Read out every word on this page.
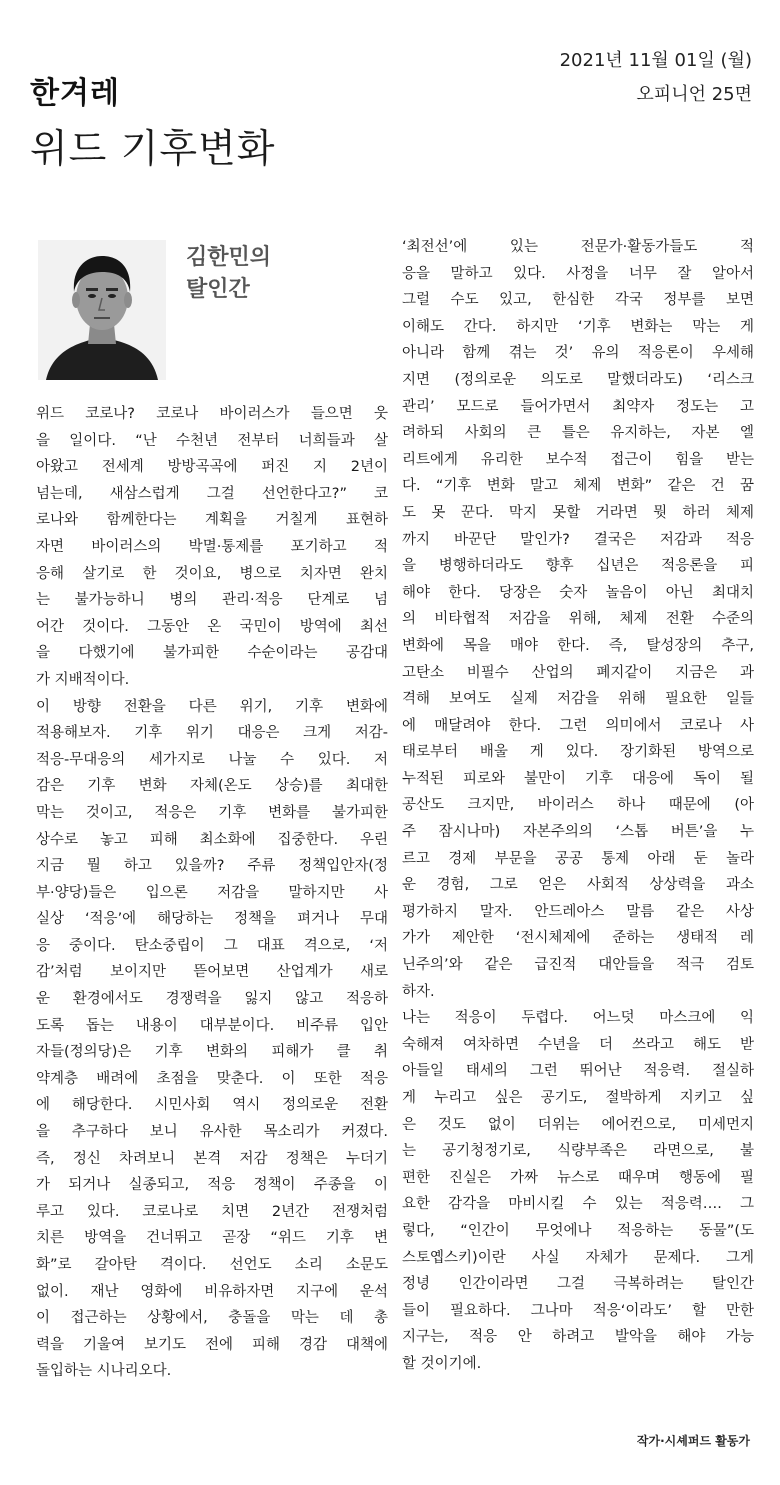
한겨레
2021년 11월 01일 (월)
오피니언 25면
위드 기후변화
김한민의
탈인간
위드 코로나? 코로나 바이러스가 들으면 웃
을 일이다. “난 수천년 전부터 너희들과 살
아왔고 전세계 방방곡곡에 퍼진 지 2년이
넘는데, 새삼스럽게 그걸 선언한다고?” 코
로나와 함께한다는 계획을 거칠게 표현하
자면 바이러스의 박멸·통제를 포기하고 적
응해 살기로 한 것이요, 병으로 치자면 완치
는 불가능하니 병의 관리·적응 단계로 넘
어간 것이다. 그동안 온 국민이 방역에 최선
을 다했기에 불가피한 수순이라는 공감대
가 지배적이다.
이 방향 전환을 다른 위기, 기후 변화에
적용해보자. 기후 위기 대응은 크게 저감-
적응-무대응의 세가지로 나눌 수 있다. 저
감은 기후 변화 자체(온도 상승)를 최대한
막는 것이고, 적응은 기후 변화를 불가피한
상수로 놓고 피해 최소화에 집중한다. 우린
지금 뭘 하고 있을까? 주류 정책입안자(정
부·양당)들은 입으론 저감을 말하지만 사
실상 ‘적응’에 해당하는 정책을 펴거나 무대
응 중이다. 탄소중립이 그 대표 격으로, ‘저
감’처럼 보이지만 뜯어보면 산업계가 새로
운 환경에서도 경쟁력을 잃지 않고 적응하
도록 돕는 내용이 대부분이다. 비주류 입안
자들(정의당)은 기후 변화의 피해가 클 취
약계층 배려에 초점을 맞춘다. 이 또한 적응
에 해당한다. 시민사회 역시 정의로운 전환
을 추구하다 보니 유사한 목소리가 커졌다.
즉, 정신 차려보니 본격 저감 정책은 누더기
가 되거나 실종되고, 적응 정책이 주종을 이
루고 있다. 코로나로 치면 2년간 전쟁처럼
치른 방역을 건너뛰고 곧장 “위드 기후 변
화”로 갈아탄 격이다. 선언도 소리 소문도
없이. 재난 영화에 비유하자면 지구에 운석
이 접근하는 상황에서, 충돌을 막는 데 총
력을 기울여 보기도 전에 피해 경감 대책에
돌입하는 시나리오다.
‘최전선’에 있는 전문가·활동가들도 적
응을 말하고 있다. 사정을 너무 잘 알아서
그럴 수도 있고, 한심한 각국 정부를 보면
이해도 간다. 하지만 ‘기후 변화는 막는 게
아니라 함께 겪는 것’ 유의 적응론이 우세해
지면 (정의로운 의도로 말했더라도) ‘리스크
관리’ 모드로 들어가면서 최약자 정도는 고
려하되 사회의 큰 틀은 유지하는, 자본 엘
리트에게 유리한 보수적 접근이 힘을 받는
다. “기후 변화 말고 체제 변화” 같은 건 꿈
도 못 꾼다. 막지 못할 거라면 뭣 하러 체제
까지 바꾼단 말인가? 결국은 저감과 적응
을 병행하더라도 향후 십년은 적응론을 피
해야 한다. 당장은 숫자 놀음이 아닌 최대치
의 비타협적 저감을 위해, 체제 전환 수준의
변화에 목을 매야 한다. 즉, 탈성장의 추구,
고탄소 비필수 산업의 폐지같이 지금은 과
격해 보여도 실제 저감을 위해 필요한 일들
에 매달려야 한다. 그런 의미에서 코로나 사
태로부터 배울 게 있다. 장기화된 방역으로
누적된 피로와 불만이 기후 대응에 독이 될
공산도 크지만, 바이러스 하나 때문에 (아
주 잠시나마) 자본주의의 ‘스톱 버튼’을 누
르고 경제 부문을 공공 통제 아래 둔 놀라
운 경험, 그로 얻은 사회적 상상력을 과소
평가하지 말자. 안드레아스 말름 같은 사상
가가 제안한 ‘전시체제에 준하는 생태적 레
닌주의’와 같은 급진적 대안들을 적극 검토
하자.
나는 적응이 두렵다. 어느덧 마스크에 익
숙해져 여차하면 수년을 더 쓰라고 해도 받
아들일 태세의 그런 뛰어난 적응력. 절실하
게 누리고 싶은 공기도, 절박하게 지키고 싶
은 것도 없이 더위는 에어컨으로, 미세먼지
는 공기청정기로, 식량부족은 라면으로, 불
편한 진실은 가짜 뉴스로 때우며 행동에 필
요한 감각을 마비시킬 수 있는 적응력…. 그
렇다, “인간이 무엇에나 적응하는 동물”(도
스토옙스키)이란 사실 자체가 문제다. 그게
정녕 인간이라면 그걸 극복하려는 탈인간
들이 필요하다. 그나마 적응‘이라도’ 할 만한
지구는, 적응 안 하려고 발악을 해야 가능
할 것이기에.
작가·시셰퍼드 활동가
